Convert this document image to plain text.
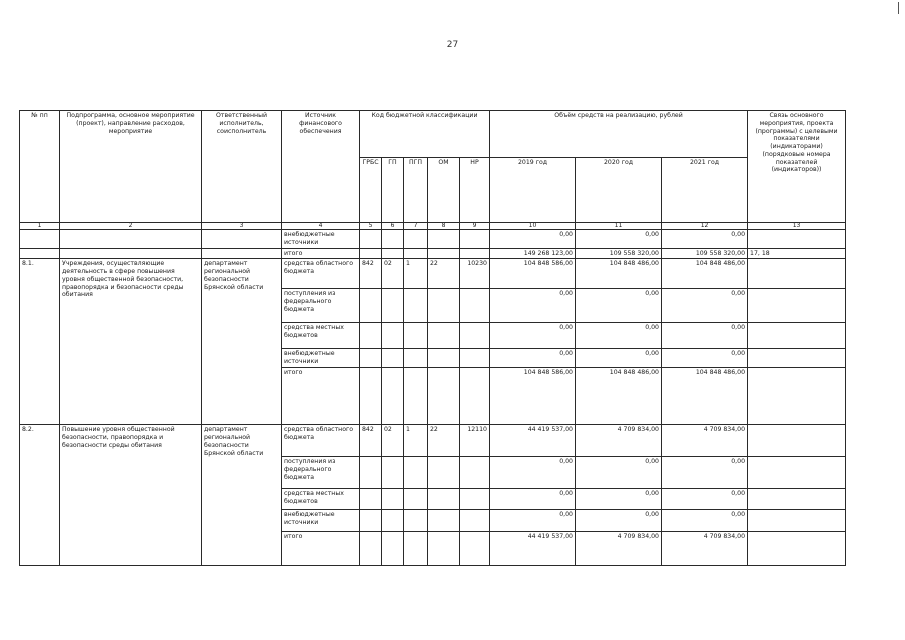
27
№ пп	Подпрограмма, основное мероприятие (проект), направление расходов, мероприятие	Ответственный исполнитель, соисполнитель	Источник финансового обеспечения	Код бюджетной классификации					Объём средств на реализацию, рублей			Связь основного мероприятия, проекта (программы) с целевыми показателями (индикаторами) (порядковые номера показателей (индикаторов))
				ГРБС	ГП	ПГП	ОМ	НР	2019 год	2020 год	2021 год	
1	2	3	4	5	6	7	8	9	10	11	12	13
			внебюджетные источники						0,00	0,00	0,00	
			итого						149 268 123,00	109 558 320,00	109 558 320,00	17, 18
8.1.	Учреждения, осуществляющие деятельность в сфере повышения уровня общественной безопасности, правопорядка и безопасности среды обитания	департамент региональной безопасности Брянской области	средства областного бюджета	842	02	1	22	10230	104 848 586,00	104 848 486,00	104 848 486,00	
			поступления из федерального бюджета						0,00	0,00	0,00	
			средства местных бюджетов						0,00	0,00	0,00	
			внебюджетные источники						0,00	0,00	0,00	
			итого						104 848 586,00	104 848 486,00	104 848 486,00	
8.2.	Повышение уровня общественной безопасности, правопорядка и безопасности среды обитания	департамент региональной безопасности Брянской области	средства областного бюджета	842	02	1	22	12110	44 419 537,00	4 709 834,00	4 709 834,00	
			поступления из федерального бюджета						0,00	0,00	0,00	
			средства местных бюджетов						0,00	0,00	0,00	
			внебюджетные источники						0,00	0,00	0,00	
			итого						44 419 537,00	4 709 834,00	4 709 834,00	
